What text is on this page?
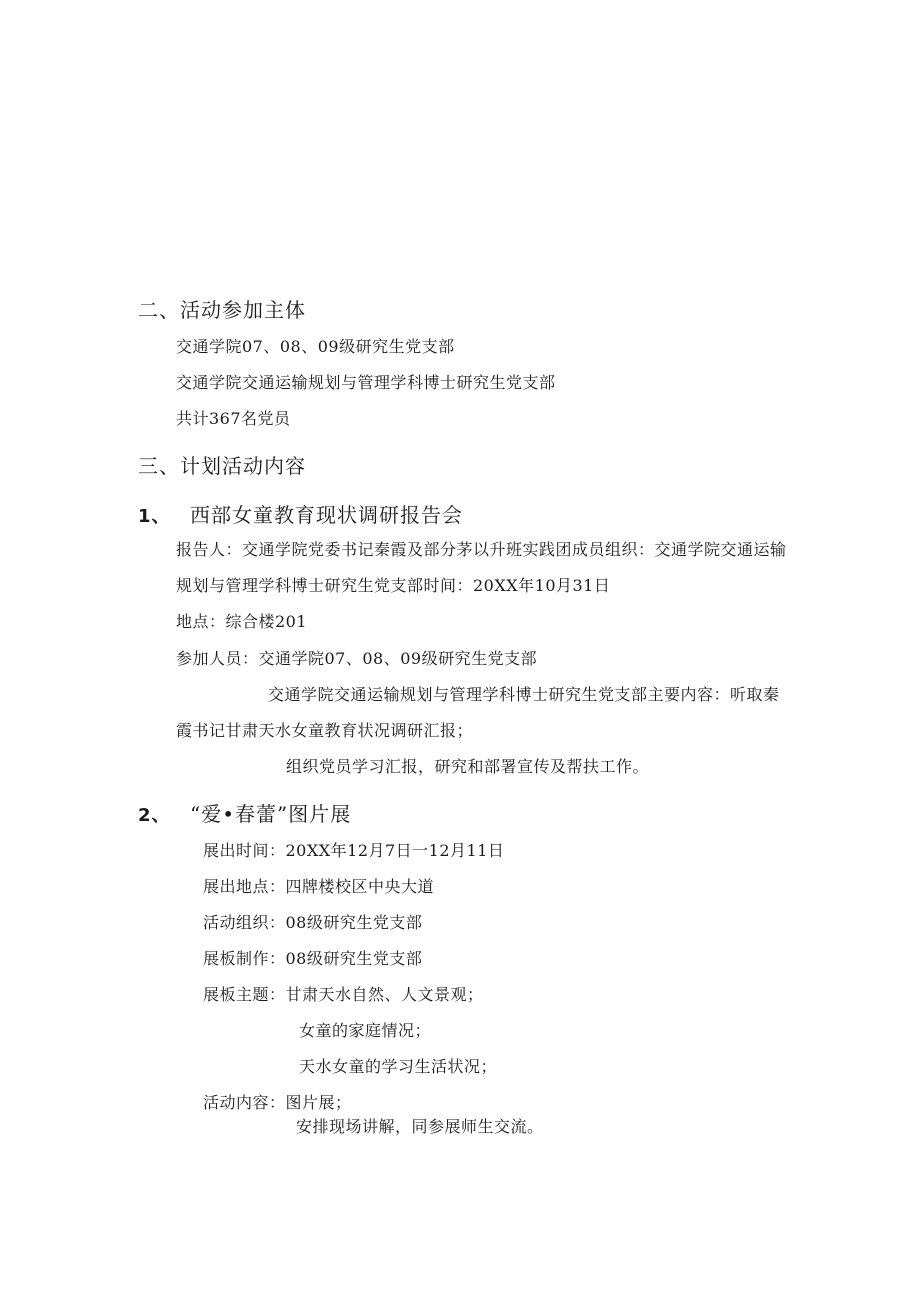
二、活动参加主体
交通学院07、08、09级研究生党支部
交通学院交通运输规划与管理学科博士研究生党支部
共计367名党员
三、计划活动内容
1、 西部女童教育现状调研报告会
报告人：交通学院党委书记秦霞及部分茅以升班实践团成员组织：交通学院交通运输
规划与管理学科博士研究生党支部时间：20XX年10月31日
地点：综合楼201
参加人员：交通学院07、08、09级研究生党支部
交通学院交通运输规划与管理学科博士研究生党支部主要内容：听取秦
霞书记甘肃天水女童教育状况调研汇报；
组织党员学习汇报，研究和部署宣传及帮扶工作。
2、 “爱•春蕾”图片展
展出时间：20XX年12月7日一12月11日
展出地点：四牌楼校区中央大道
活动组织：08级研究生党支部
展板制作：08级研究生党支部
展板主题：甘肃天水自然、人文景观；
女童的家庭情况；
天水女童的学习生活状况；
活动内容：图片展；
安排现场讲解，同参展师生交流。
